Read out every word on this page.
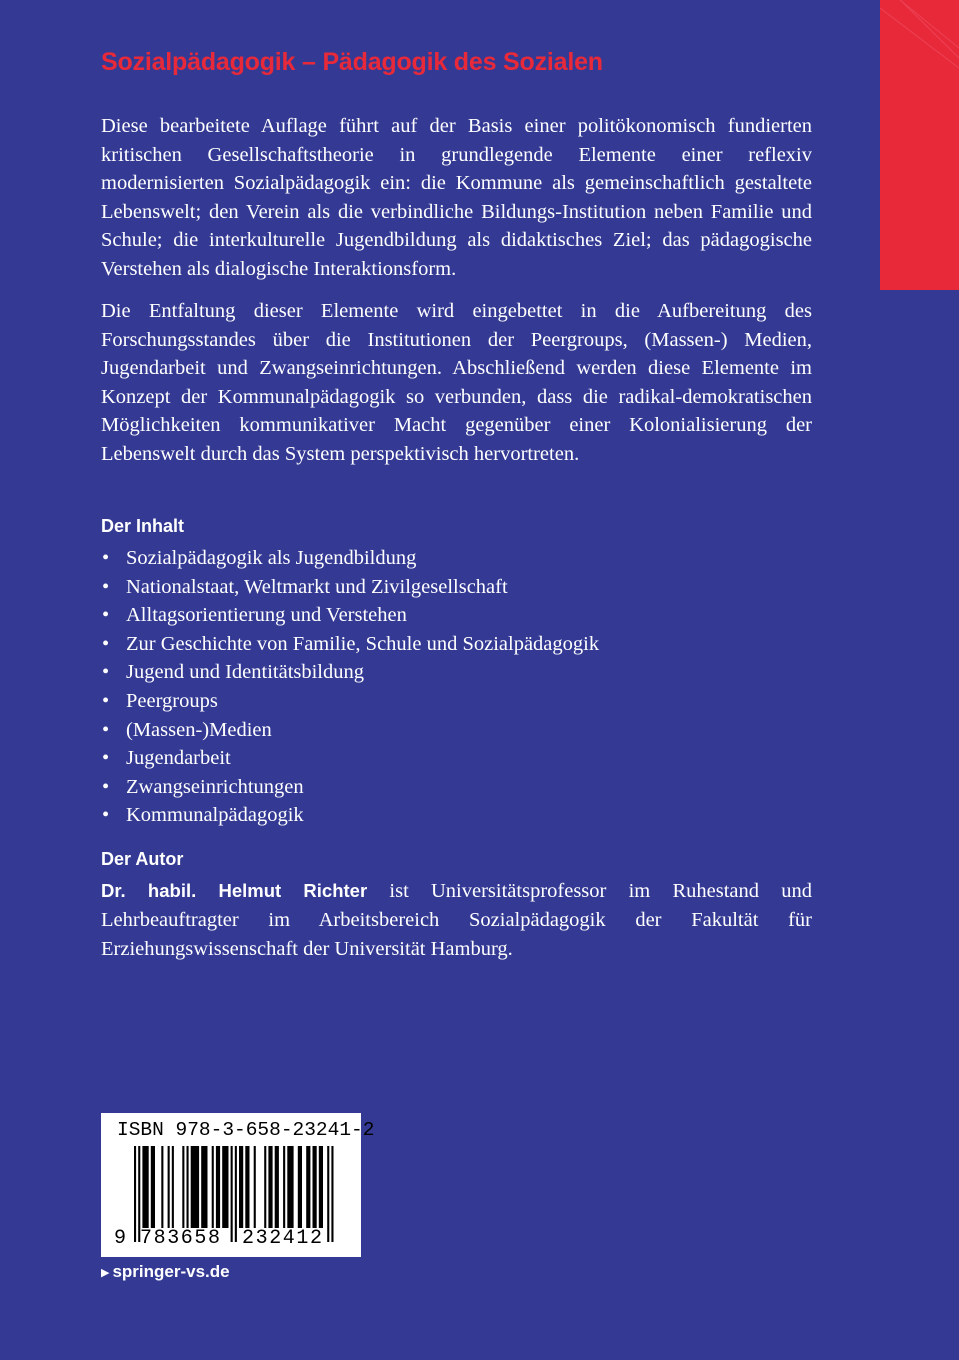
Sozialpädagogik – Pädagogik des Sozialen

Diese bearbeitete Auflage führt auf der Basis einer politökonomisch fundierten kritischen Gesellschaftstheorie in grundlegende Elemente einer reflexiv modernisierten Sozialpädagogik ein: die Kommune als gemeinschaftlich gestaltete Lebenswelt; den Verein als die verbindliche Bildungs-Institution neben Familie und Schule; die interkulturelle Jugendbildung als didaktisches Ziel; das pädagogische Verstehen als dialogische Interaktionsform.

Die Entfaltung dieser Elemente wird eingebettet in die Aufbereitung des Forschungsstandes über die Institutionen der Peergroups, (Massen-) Medien, Jugendarbeit und Zwangseinrichtungen. Abschließend werden diese Elemente im Konzept der Kommunalpädagogik so verbunden, dass die radikal-demokratischen Möglichkeiten kommunikativer Macht gegenüber einer Kolonialisierung der Lebenswelt durch das System perspektivisch hervortreten.

Der Inhalt
• Sozialpädagogik als Jugendbildung
• Nationalstaat, Weltmarkt und Zivilgesellschaft
• Alltagsorientierung und Verstehen
• Zur Geschichte von Familie, Schule und Sozialpädagogik
• Jugend und Identitätsbildung
• Peergroups
• (Massen-)Medien
• Jugendarbeit
• Zwangseinrichtungen
• Kommunalpädagogik
Der Autor

Dr. habil. Helmut Richter ist Universitätsprofessor im Ruhestand und Lehrbeauftragter im Arbeitsbereich Sozialpädagogik der Fakultät für Erziehungswissenschaft der Universität Hamburg.

ISBN 978-3-658-23241-2
9 783658 232412
▶ springer-vs.de
